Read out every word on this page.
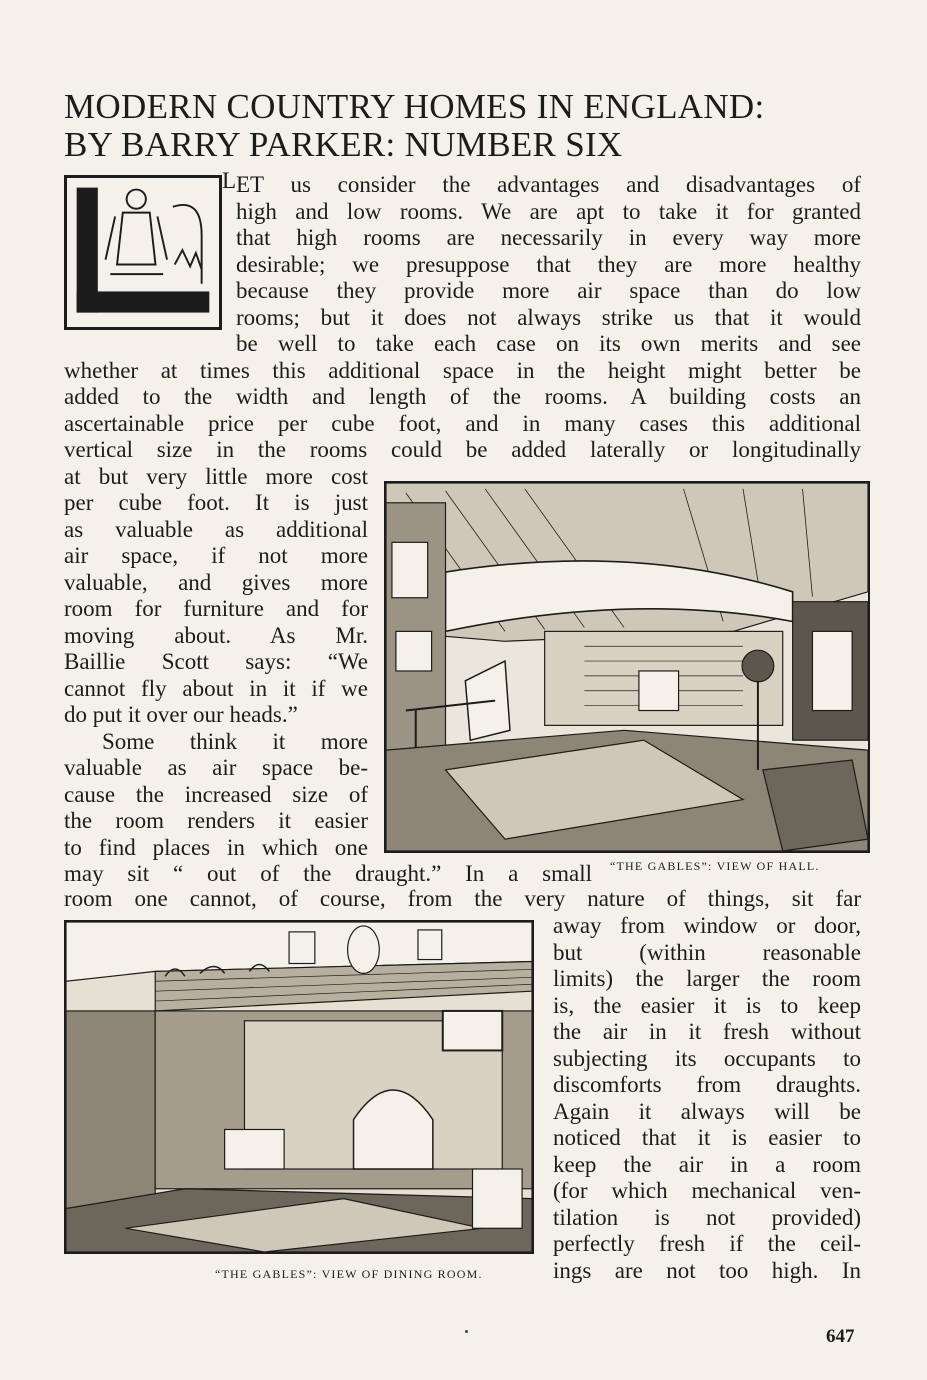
MODERN COUNTRY HOMES IN ENGLAND:
BY BARRY PARKER: NUMBER SIX
L ET us consider the advantages and disadvantages of
high and low rooms. We are apt to take it for granted
that high rooms are necessarily in every way more
desirable; we presuppose that they are more healthy
because they provide more air space than do low
rooms; but it does not always strike us that it would
be well to take each case on its own merits and see
whether at times this additional space in the height might better be
added to the width and length of the rooms. A building costs an
ascertainable price per cube foot, and in many cases this additional
vertical size in the rooms could be added laterally or longitudinally
at but very little more cost
per cube foot. It is just
as valuable as additional
air space, if not more
valuable, and gives more
room for furniture and for
moving about. As Mr.
Baillie Scott says: “We
cannot fly about in it if we
do put it over our heads.”
Some think it more
valuable as air space be-
cause the increased size of
the room renders it easier
to find places in which one
may sit “ out of the draught.” In a small
room one cannot, of course, from the very nature of things, sit far
away from window or door,
but (within reasonable
limits) the larger the room
is, the easier it is to keep
the air in it fresh without
subjecting its occupants to
discomforts from draughts.
Again it always will be
noticed that it is easier to
keep the air in a room
(for which mechanical ven-
tilation is not provided)
perfectly fresh if the ceil-
ings are not too high. In
“THE GABLES”: VIEW OF HALL.
“THE GABLES”: VIEW OF DINING ROOM.
647
